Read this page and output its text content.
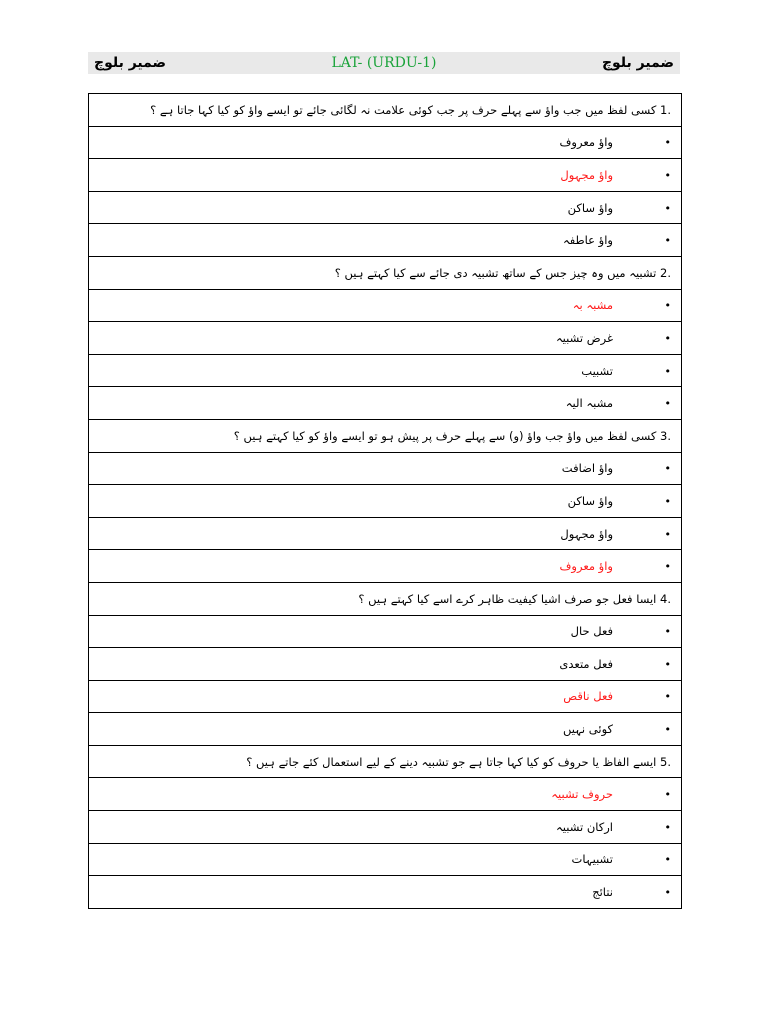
ضمیر بلوچ	LAT- (URDU-1)	ضمیر بلوچ
.1 کسی لفظ میں جب واؤ سے پہلے حرف پر جب کوئی علامت نہ لگائی جائے تو ایسے واؤ کو کیا کہا جاتا ہے ؟
•واؤ معروف
•واؤ مجہول
•واؤ ساکن
•واؤ عاطفہ
.2 تشبیہ میں وہ چیز جس کے ساتھ تشبیہ دی جائے سے کیا کہتے ہیں ؟
•مشبہ بہ
•غرض تشبیہ
•تشبیب
•مشبہ الیہ
.3 کسی لفظ میں واؤ جب واؤ (و) سے پہلے حرف پر پیش ہو تو ایسے واؤ کو کیا کہتے ہیں ؟
•واؤ اضافت
•واؤ ساکن
•واؤ مجہول
•واؤ معروف
.4 ایسا فعل جو صرف اشیا کیفیت ظاہر کرے اسے کیا کہتے ہیں ؟
•فعل حال
•فعل متعدی
•فعل ناقص
•کوئی نہیں
.5 ایسے الفاظ یا حروف کو کیا کہا جاتا ہے جو تشبیہ دینے کے لیے استعمال کئے جاتے ہیں ؟
•حروف تشبیہ
•ارکان تشبیہ
•تشبیہات
•نتائج
